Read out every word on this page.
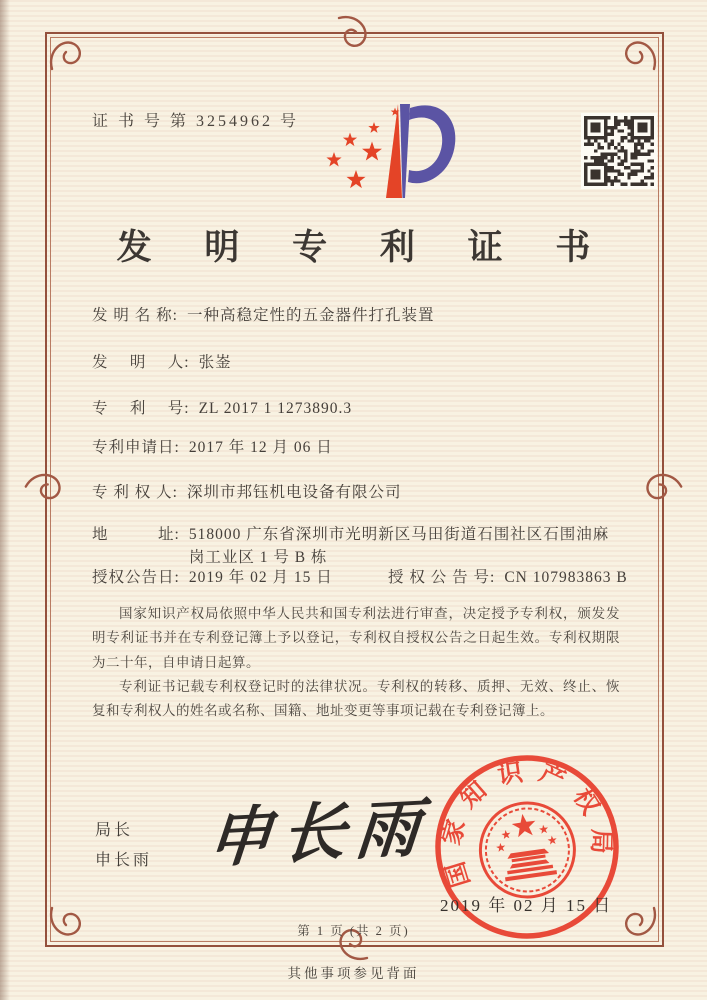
证 书 号 第 3254962 号
发 明 专 利 证 书
发 明 名 称: 一种高稳定性的五金器件打孔装置
发　 明　 人: 张崟
专　 利　 号: ZL 2017 1 1273890.3
专利申请日: 2017 年 12 月 06 日
专 利 权 人: 深圳市邦钰机电设备有限公司
地　　　址: 518000 广东省深圳市光明新区马田街道石围社区石围油麻岗工业区 1 号 B 栋
授权公告日: 2019 年 02 月 15 日	授 权 公 告 号: CN 107983863 B

国家知识产权局依照中华人民共和国专利法进行审查，决定授予专利权，颁发发明专利证书并在专利登记簿上予以登记，专利权自授权公告之日起生效。专利权期限为二十年，自申请日起算。

专利证书记载专利权登记时的法律状况。专利权的转移、质押、无效、终止、恢复和专利权人的姓名或名称、国籍、地址变更等事项记载在专利登记簿上。

局长
申长雨 申长雨 国家知识产权局
2019 年 02 月 15 日
第 1 页 (共 2 页)
其他事项参见背面
